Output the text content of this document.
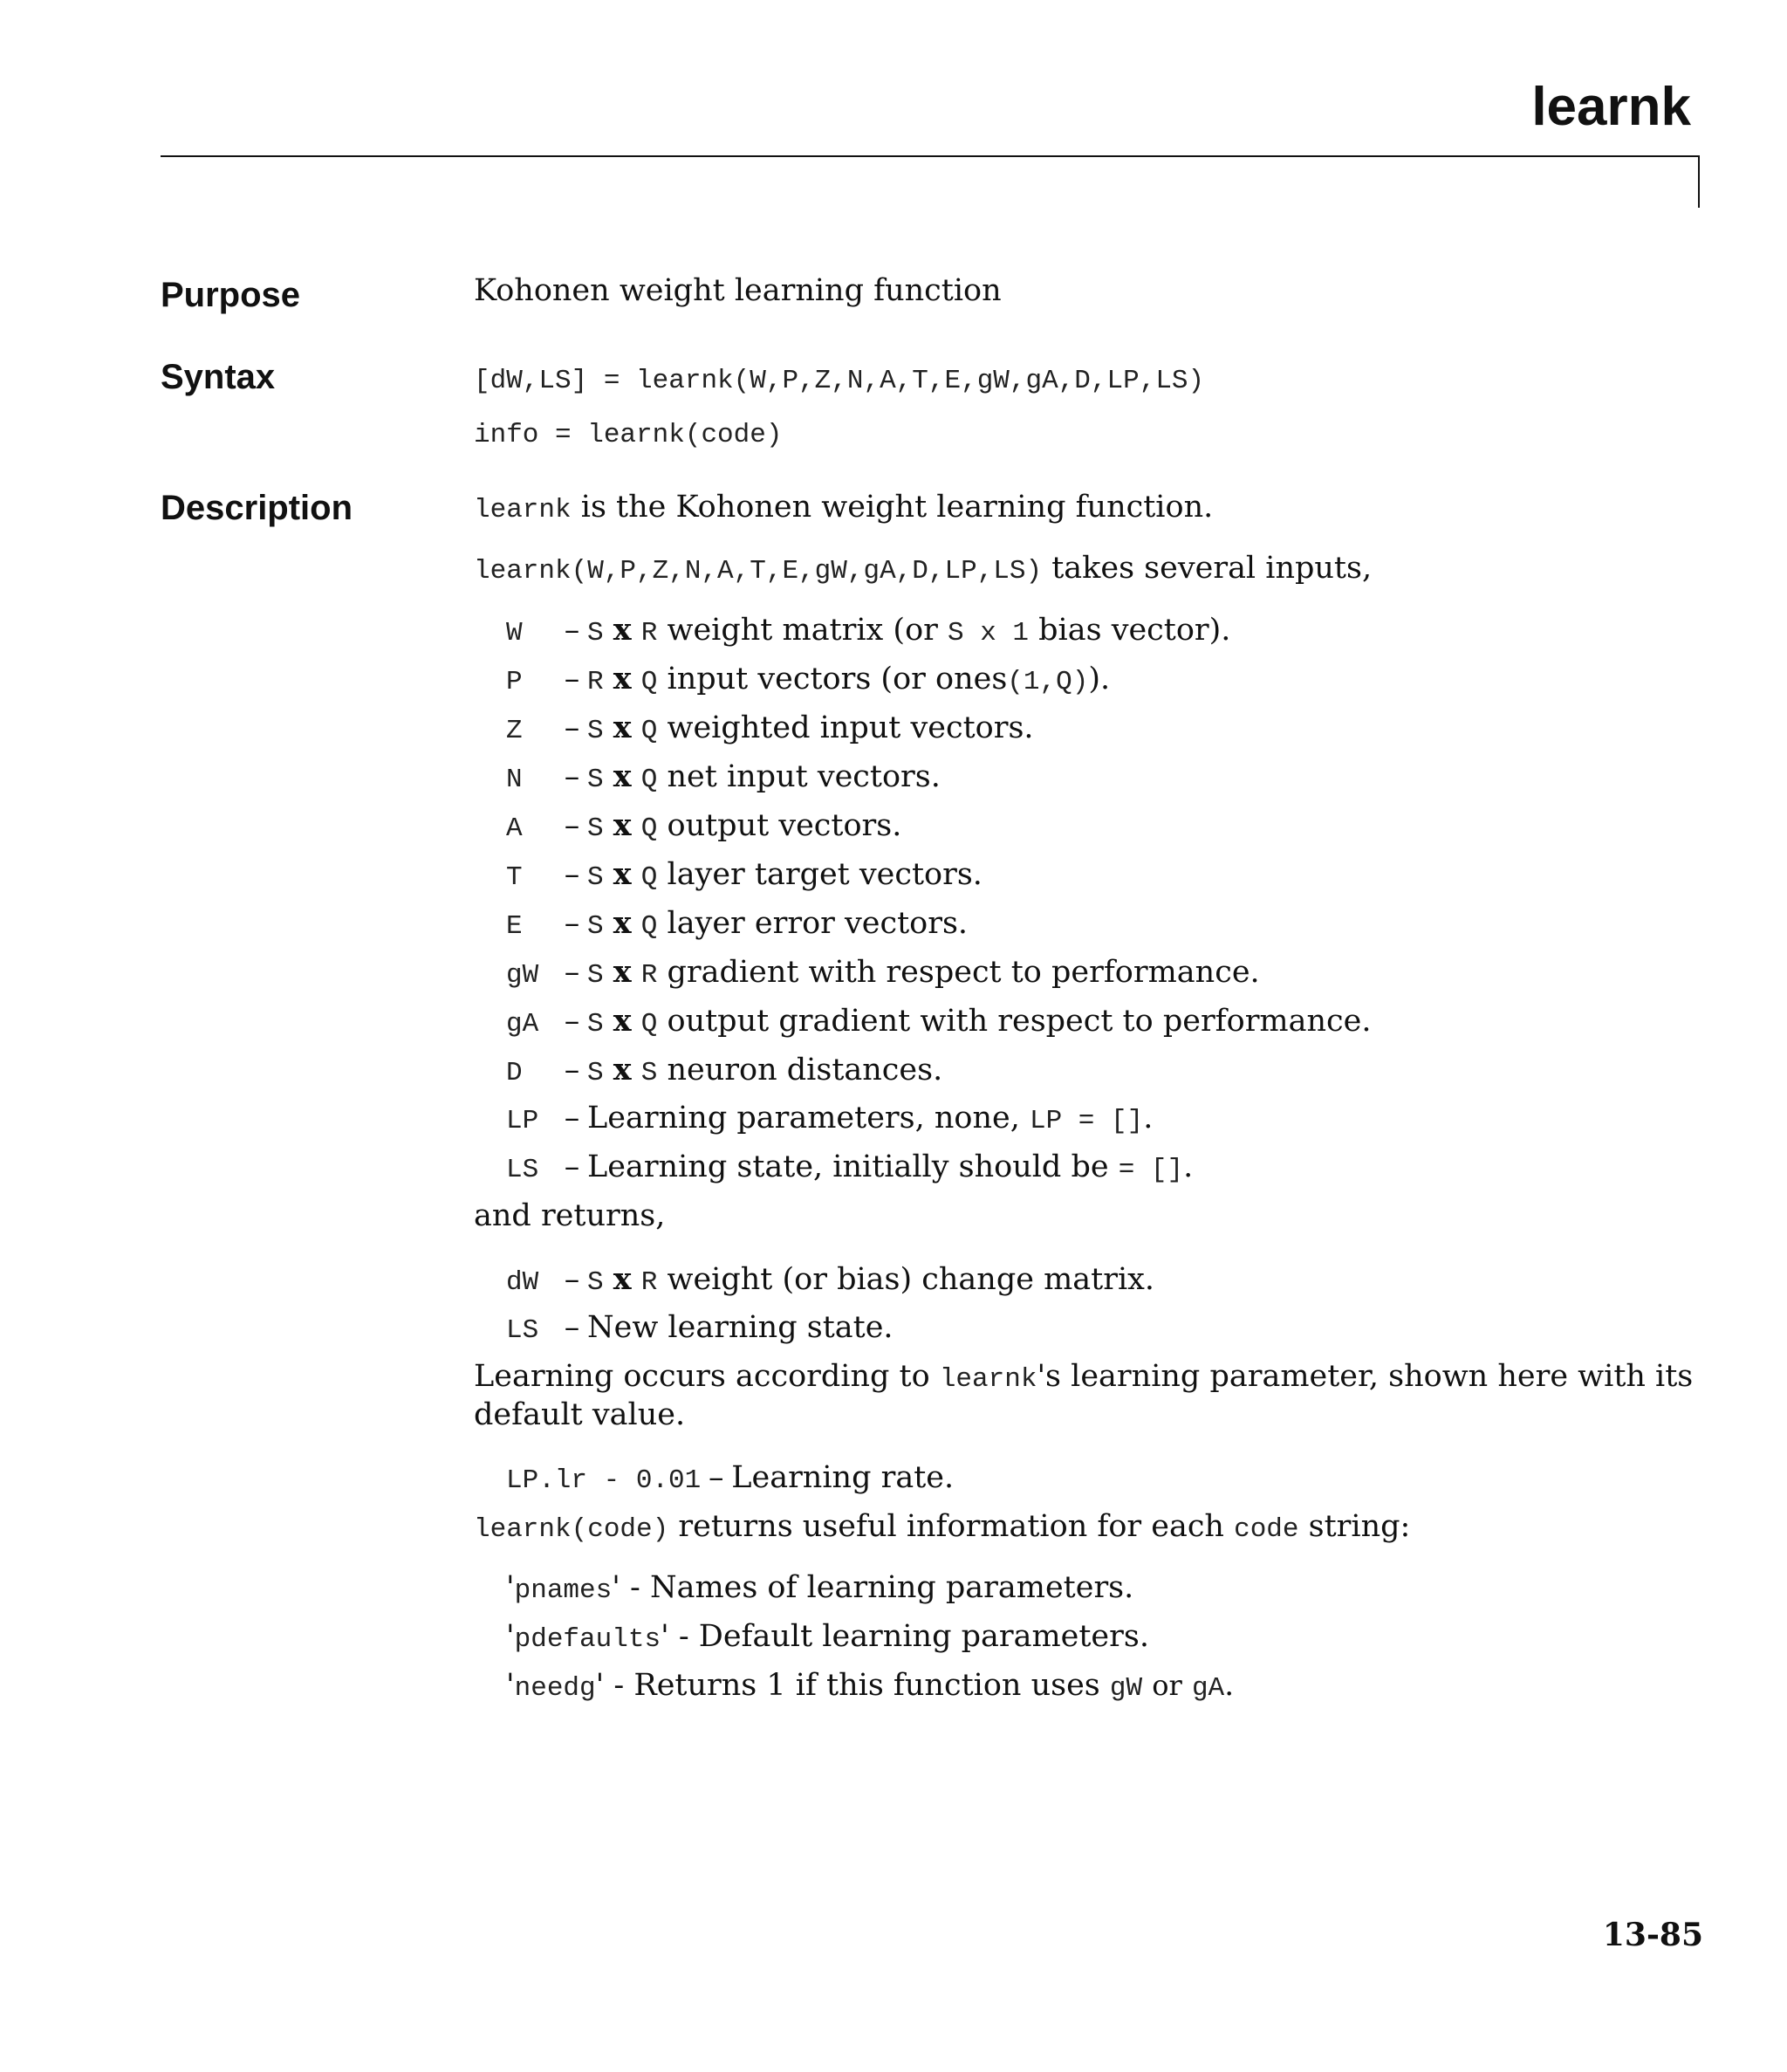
learnk
Purpose	Kohonen weight learning function
Syntax	[dW,LS] = learnk(W,P,Z,N,A,T,E,gW,gA,D,LP,LS)
info = learnk(code)
Description	learnk is the Kohonen weight learning function.
learnk(W,P,Z,N,A,T,E,gW,gA,D,LP,LS) takes several inputs,
W – S x R weight matrix (or S x 1 bias vector).
P – R x Q input vectors (or ones(1,Q)).
Z – S x Q weighted input vectors.
N – S x Q net input vectors.
A – S x Q output vectors.
T – S x Q layer target vectors.
E – S x Q layer error vectors.
gW – S x R gradient with respect to performance.
gA – S x Q output gradient with respect to performance.
D – S x S neuron distances.
LP – Learning parameters, none, LP = [].
LS – Learning state, initially should be = [].
and returns,
dW – S x R weight (or bias) change matrix.
LS – New learning state.
Learning occurs according to learnk's learning parameter, shown here with its
default value.
LP.lr - 0.01 – Learning rate.
learnk(code) returns useful information for each code string:
'pnames' - Names of learning parameters.
'pdefaults' - Default learning parameters.
'needg' - Returns 1 if this function uses gW or gA.
13-85
